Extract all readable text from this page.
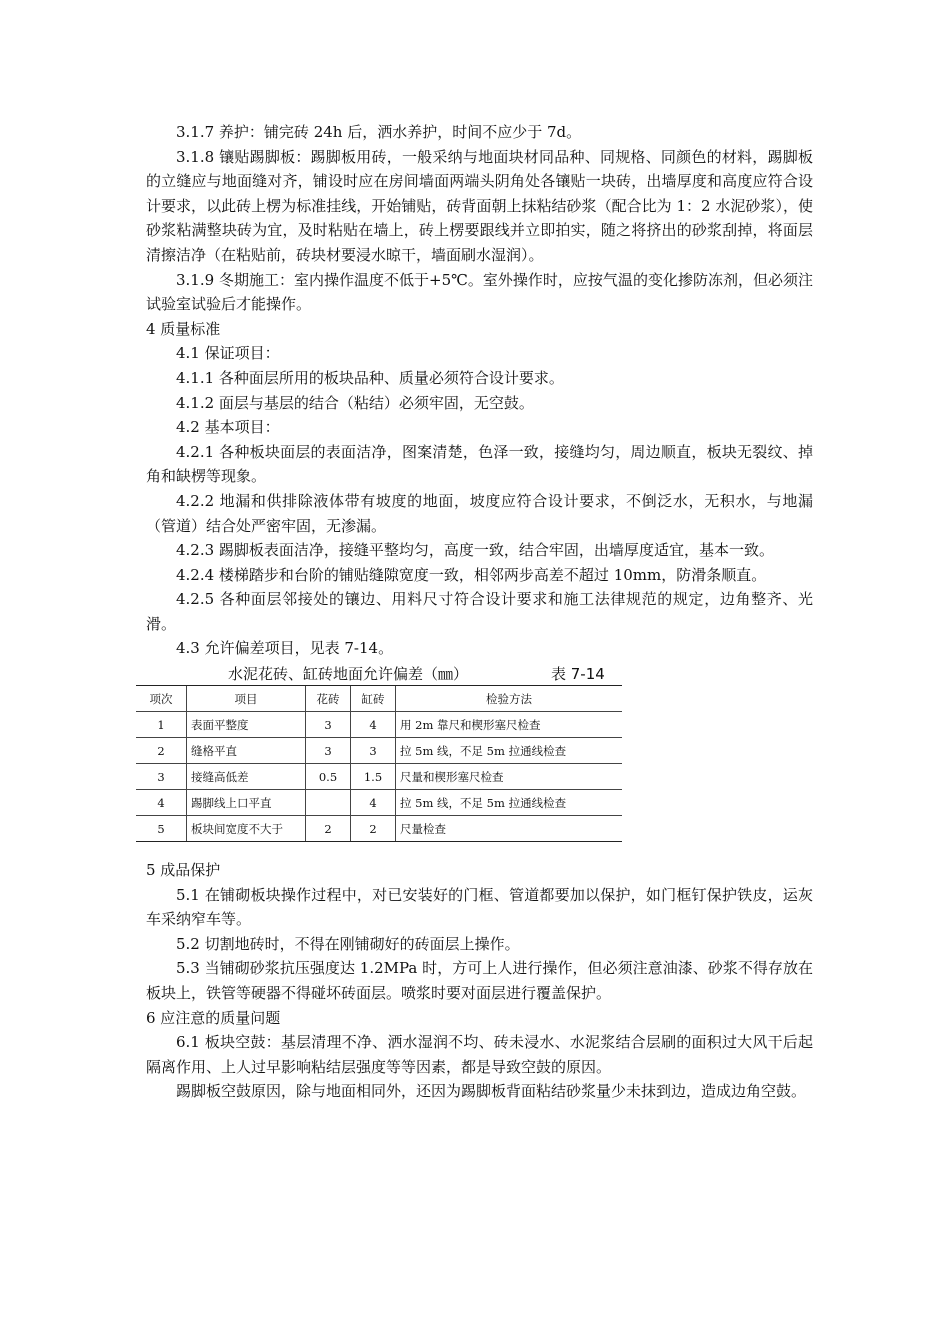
3.1.7 养护：铺完砖 24h 后，洒水养护，时间不应少于 7d。

3.1.8 镶贴踢脚板：踢脚板用砖，一般采纳与地面块材同品种、同规格、同颜色的材料，踢脚板的立缝应与地面缝对齐，铺设时应在房间墙面两端头阴角处各镶贴一块砖，出墙厚度和高度应符合设计要求，以此砖上楞为标准挂线，开始铺贴，砖背面朝上抹粘结砂浆（配合比为 1：2 水泥砂浆），使砂浆粘满整块砖为宜，及时粘贴在墙上，砖上楞要跟线并立即拍实，随之将挤出的砂浆刮掉，将面层清擦洁净（在粘贴前，砖块材要浸水晾干，墙面刷水湿润）。

3.1.9 冬期施工：室内操作温度不低于+5℃。室外操作时，应按气温的变化掺防冻剂，但必须注试验室试验后才能操作。

4 质量标准

4.1 保证项目：

4.1.1 各种面层所用的板块品种、质量必须符合设计要求。

4.1.2 面层与基层的结合（粘结）必须牢固，无空鼓。

4.2 基本项目：

4.2.1 各种板块面层的表面洁净，图案清楚，色泽一致，接缝均匀，周边顺直，板块无裂纹、掉角和缺楞等现象。

4.2.2 地漏和供排除液体带有坡度的地面，坡度应符合设计要求，不倒泛水，无积水，与地漏（管道）结合处严密牢固，无渗漏。

4.2.3 踢脚板表面洁净，接缝平整均匀，高度一致，结合牢固，出墙厚度适宜，基本一致。

4.2.4 楼梯踏步和台阶的铺贴缝隙宽度一致，相邻两步高差不超过 10mm，防滑条顺直。

4.2.5 各种面层邻接处的镶边、用料尺寸符合设计要求和施工法律规范的规定，边角整齐、光滑。

4.3 允许偏差项目，见表 7-14。

水泥花砖、缸砖地面允许偏差（㎜）	表 7-14
项次	项目	花砖	缸砖	检验方法
1	表面平整度	3	4	用 2m 靠尺和楔形塞尺检查
2	缝格平直	3	3	拉 5m 线，不足 5m 拉通线检查
3	接缝高低差	0.5	1.5	尺量和楔形塞尺检查
4	踢脚线上口平直		4	拉 5m 线，不足 5m 拉通线检查
5	板块间宽度不大于	2	2	尺量检查

5 成品保护

5.1 在铺砌板块操作过程中，对已安装好的门框、管道都要加以保护，如门框钉保护铁皮，运灰车采纳窄车等。

5.2 切割地砖时，不得在刚铺砌好的砖面层上操作。

5.3 当铺砌砂浆抗压强度达 1.2MPa 时，方可上人进行操作，但必须注意油漆、砂浆不得存放在板块上，铁管等硬器不得碰坏砖面层。喷浆时要对面层进行覆盖保护。

6 应注意的质量问题

6.1 板块空鼓：基层清理不净、洒水湿润不均、砖未浸水、水泥浆结合层刷的面积过大风干后起隔离作用、上人过早影响粘结层强度等等因素，都是导致空鼓的原因。

踢脚板空鼓原因，除与地面相同外，还因为踢脚板背面粘结砂浆量少未抹到边，造成边角空鼓。
